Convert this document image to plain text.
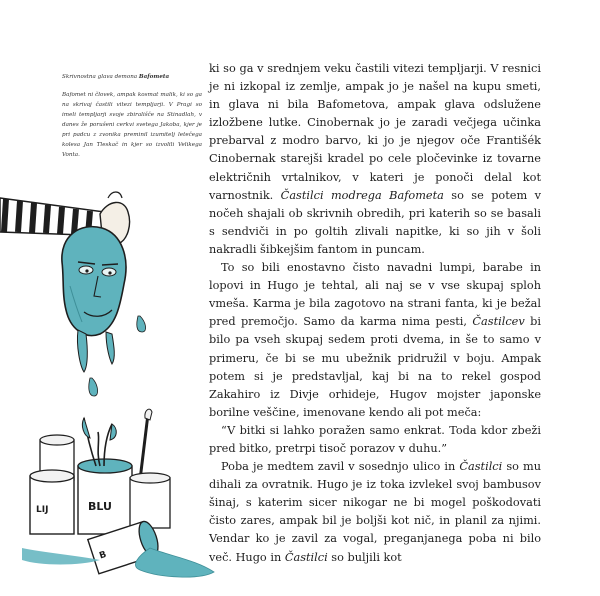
Skrivnostna glava demona Bafometa

Bafomet ni človek, ampak kosmat malik, ki so ga na skrivaj častili vitezi templjarji. V Pragi so imeli templjarji svoje zbirališče na Stinadlah, v danes že porušeni cerkvi svetega Jakoba, kjer je pri padcu z zvonika preminil izumitelj letečega kolesa Jan Tleskač in kjer so izvolili Velikega Vonta.

LIJ	BLU
B

ki so ga v srednjem veku častili vitezi templjarji. V resnici je ni izkopal iz zemlje, ampak jo je našel na kupu smeti, in glava ni bila Bafometova, ampak glava odslužene izložbene lutke. Cinobernak jo je zaradi večjega učinka prebarval z modro barvo, ki jo je njegov oče Františék Cinobernak starejši kradel po cele pločevinke iz tovarne električnih vrtalnikov, v kateri je ponoči delal kot varnostnik. Častilci modrega Bafometa so se potem v nočeh shajali ob skrivnih obredih, pri katerih so se basali s sendviči in po goltih zlivali napitke, ki so jih v šoli nakradli šibkejšim fantom in puncam.

To so bili enostavno čisto navadni lumpi, barabe in lopovi in Hugo je tehtal, ali naj se v vse skupaj sploh vmeša. Karma je bila zagotovo na strani fanta, ki je bežal pred premočjo. Samo da karma nima pesti, Častilcev bi bilo pa vseh skupaj sedem proti dvema, in še to samo v primeru, če bi se mu ubežnik pridružil v boju. Ampak potem si je predstavljal, kaj bi na to rekel gospod Zakahiro iz Divje orhideje, Hugov mojster japonske borilne veščine, imenovane kendo ali pot meča:

“V bitki si lahko poražen samo enkrat. Toda kdor zbeži pred bitko, pretrpi tisoč porazov v duhu.”

Poba je medtem zavil v sosednjo ulico in Častilci so mu dihali za ovratnik. Hugo je iz toka izvlekel svoj bambusov šinaj, s katerim sicer nikogar ne bi mogel poškodovati čisto zares, ampak bil je boljši kot nič, in planil za njimi. Vendar ko je zavil za vogal, preganjanega poba ni bilo več. Hugo in Častilci so buljili kot
